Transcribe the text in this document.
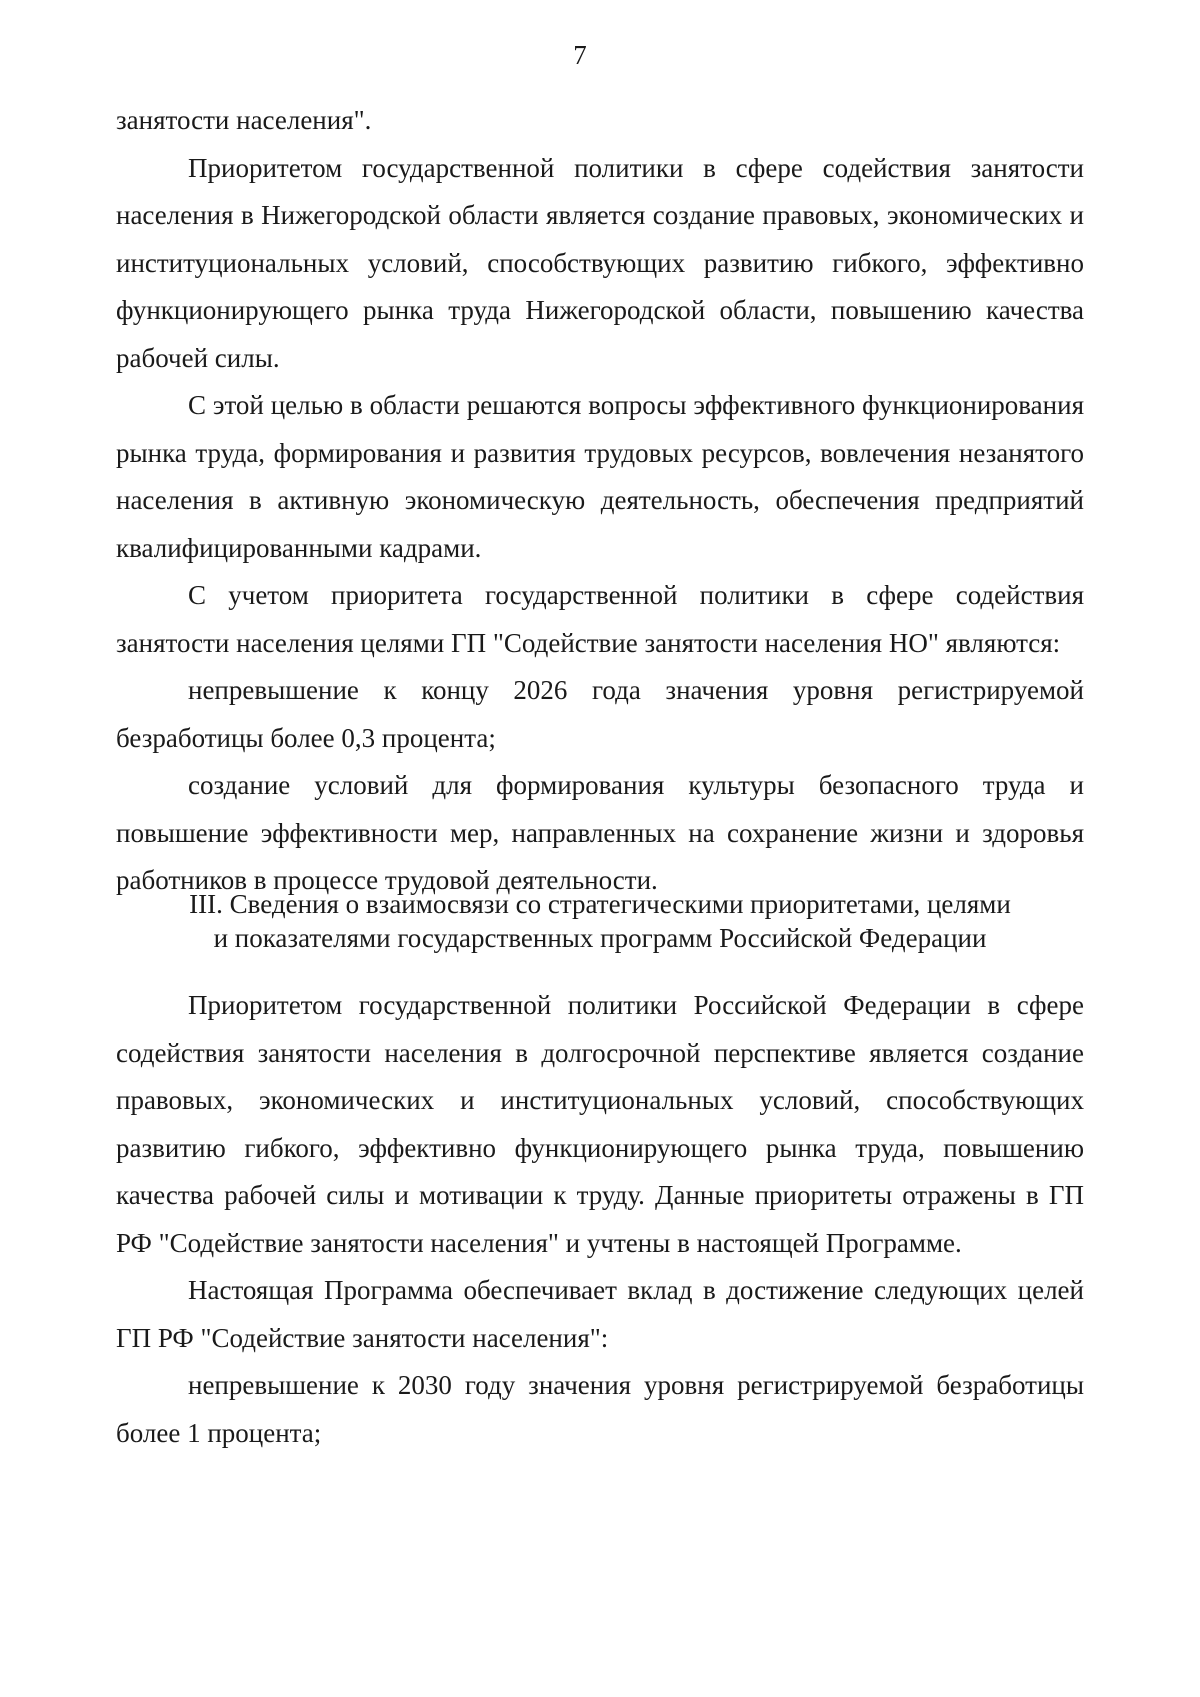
7

занятости населения".

Приоритетом государственной политики в сфере содействия занятости населения в Нижегородской области является создание правовых, экономических и институциональных условий, способствующих развитию гибкого, эффективно функционирующего рынка труда Нижегородской области, повышению качества рабочей силы.

С этой целью в области решаются вопросы эффективного функционирования рынка труда, формирования и развития трудовых ресурсов, вовлечения незанятого населения в активную экономическую деятельность, обеспечения предприятий квалифицированными кадрами.

С учетом приоритета государственной политики в сфере содействия занятости населения целями ГП "Содействие занятости населения НО" являются:

непревышение к концу 2026 года значения уровня регистрируемой безработицы более 0,3 процента;

создание условий для формирования культуры безопасного труда и повышение эффективности мер, направленных на сохранение жизни и здоровья работников в процессе трудовой деятельности.

III. Сведения о взаимосвязи со стратегическими приоритетами, целями
и показателями государственных программ Российской Федерации

Приоритетом государственной политики Российской Федерации в сфере содействия занятости населения в долгосрочной перспективе является создание правовых, экономических и институциональных условий, способствующих развитию гибкого, эффективно функционирующего рынка труда, повышению качества рабочей силы и мотивации к труду. Данные приоритеты отражены в ГП РФ "Содействие занятости населения" и учтены в настоящей Программе.

Настоящая Программа обеспечивает вклад в достижение следующих целей ГП РФ "Содействие занятости населения":

непревышение к 2030 году значения уровня регистрируемой безработицы более 1 процента;
